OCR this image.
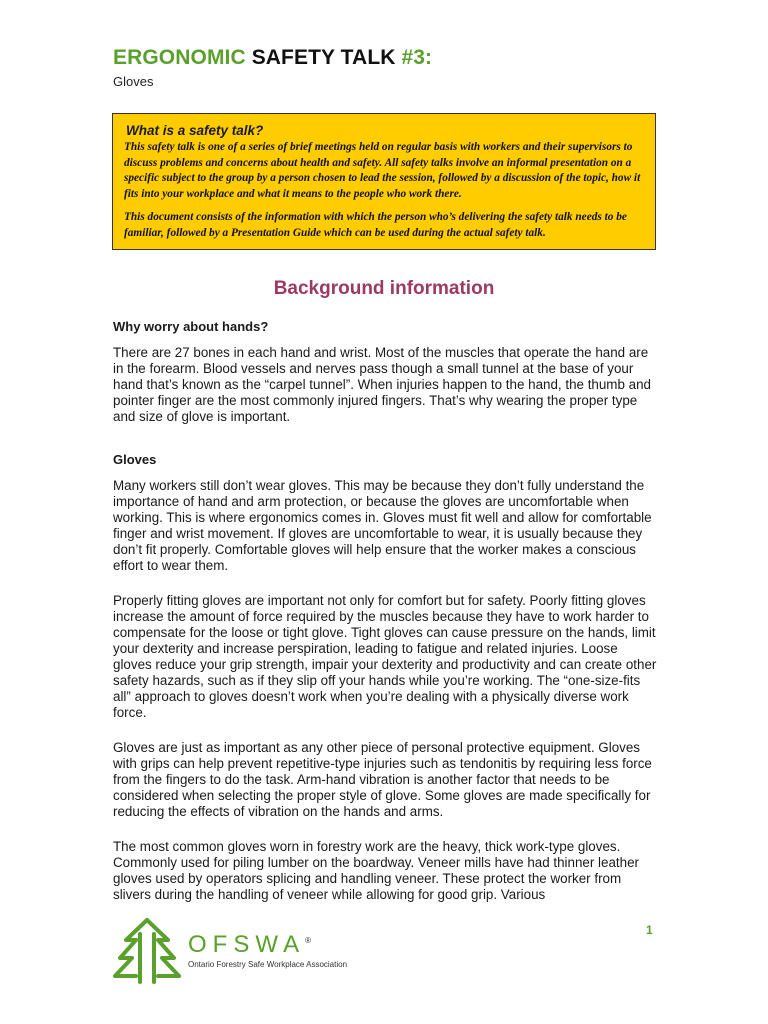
ERGONOMIC SAFETY TALK #3:
Gloves
What is a safety talk?

This safety talk is one of a series of brief meetings held on regular basis with workers and their supervisors to discuss problems and concerns about health and safety. All safety talks involve an informal presentation on a specific subject to the group by a person chosen to lead the session, followed by a discussion of the topic, how it fits into your workplace and what it means to the people who work there.

This document consists of the information with which the person who’s delivering the safety talk needs to be familiar, followed by a Presentation Guide which can be used during the actual safety talk.

Background information

Why worry about hands?

There are 27 bones in each hand and wrist. Most of the muscles that operate the hand are in the forearm. Blood vessels and nerves pass though a small tunnel at the base of your hand that’s known as the “carpel tunnel”. When injuries happen to the hand, the thumb and pointer finger are the most commonly injured fingers. That’s why wearing the proper type and size of glove is important.

Gloves

Many workers still don’t wear gloves. This may be because they don’t fully understand the importance of hand and arm protection, or because the gloves are uncomfortable when working. This is where ergonomics comes in. Gloves must fit well and allow for comfortable finger and wrist movement. If gloves are uncomfortable to wear, it is usually because they don’t fit properly. Comfortable gloves will help ensure that the worker makes a conscious effort to wear them.

Properly fitting gloves are important not only for comfort but for safety. Poorly fitting gloves increase the amount of force required by the muscles because they have to work harder to compensate for the loose or tight glove. Tight gloves can cause pressure on the hands, limit your dexterity and increase perspiration, leading to fatigue and related injuries. Loose gloves reduce your grip strength, impair your dexterity and productivity and can create other safety hazards, such as if they slip off your hands while you’re working. The “one-size-fits all” approach to gloves doesn’t work when you’re dealing with a physically diverse work force.

Gloves are just as important as any other piece of personal protective equipment. Gloves with grips can help prevent repetitive-type injuries such as tendonitis by requiring less force from the fingers to do the task. Arm-hand vibration is another factor that needs to be considered when selecting the proper style of glove. Some gloves are made specifically for reducing the effects of vibration on the hands and arms.

The most common gloves worn in forestry work are the heavy, thick work-type gloves. Commonly used for piling lumber on the boardway. Veneer mills have had thinner leather gloves used by operators splicing and handling veneer. These protect the worker from slivers during the handling of veneer while allowing for good grip. Various

OFSWA®
Ontario Forestry Safe Workplace Association
1
